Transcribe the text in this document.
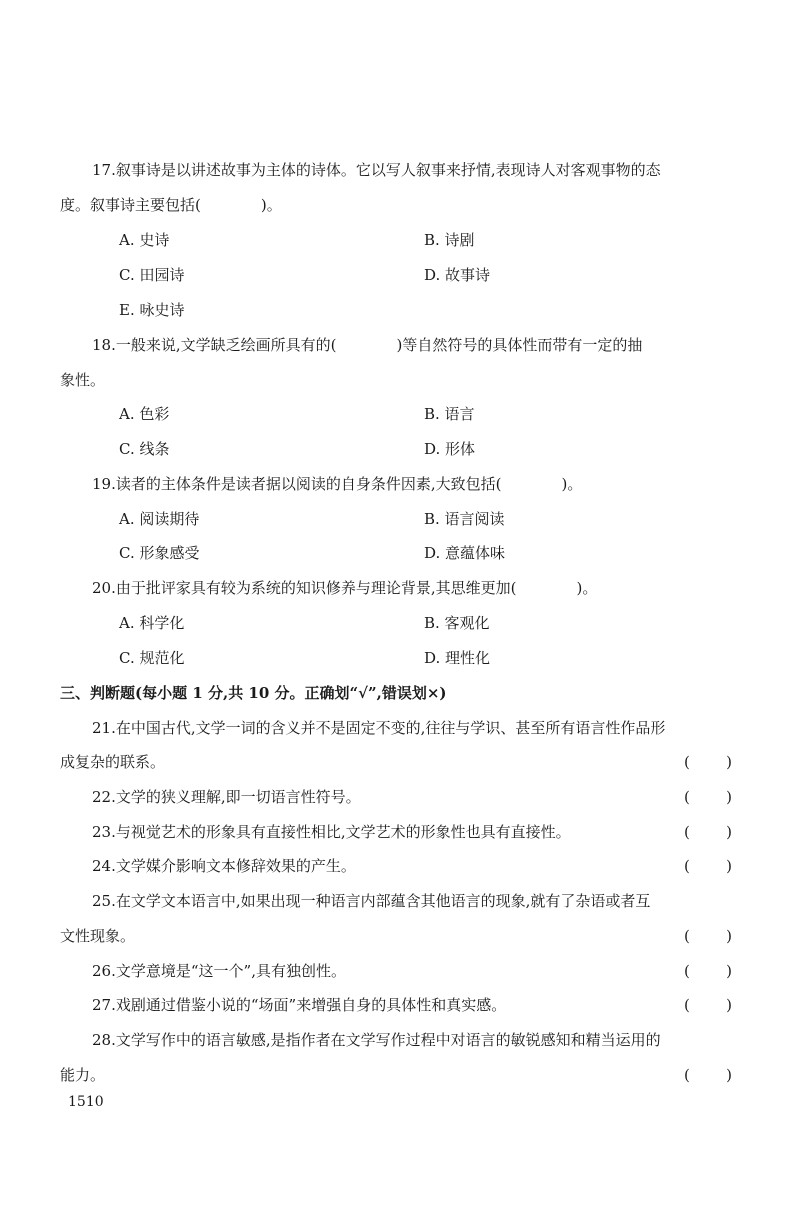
17.叙事诗是以讲述故事为主体的诗体。它以写人叙事来抒情,表现诗人对客观事物的态
度。叙事诗主要包括(　　　　)。
A. 史诗	B. 诗剧
C. 田园诗	D. 故事诗
E. 咏史诗
18.一般来说,文学缺乏绘画所具有的(　　　　)等自然符号的具体性而带有一定的抽
象性。
A. 色彩	B. 语言
C. 线条	D. 形体
19.读者的主体条件是读者据以阅读的自身条件因素,大致包括(　　　　)。
A. 阅读期待	B. 语言阅读
C. 形象感受	D. 意蕴体味
20.由于批评家具有较为系统的知识修养与理论背景,其思维更加(　　　　)。
A. 科学化	B. 客观化
C. 规范化	D. 理性化
三、判断题(每小题 1 分,共 10 分。正确划“√”,错误划×)
21.在中国古代,文学一词的含义并不是固定不变的,往往与学识、甚至所有语言性作品形
成复杂的联系。	( )
22.文学的狭义理解,即一切语言性符号。	( )
23.与视觉艺术的形象具有直接性相比,文学艺术的形象性也具有直接性。	( )
24.文学媒介影响文本修辞效果的产生。	( )
25.在文学文本语言中,如果出现一种语言内部蕴含其他语言的现象,就有了杂语或者互
文性现象。	( )
26.文学意境是“这一个”,具有独创性。	( )
27.戏剧通过借鉴小说的“场面”来增强自身的具体性和真实感。	( )
28.文学写作中的语言敏感,是指作者在文学写作过程中对语言的敏锐感知和精当运用的
能力。	( )
1510
